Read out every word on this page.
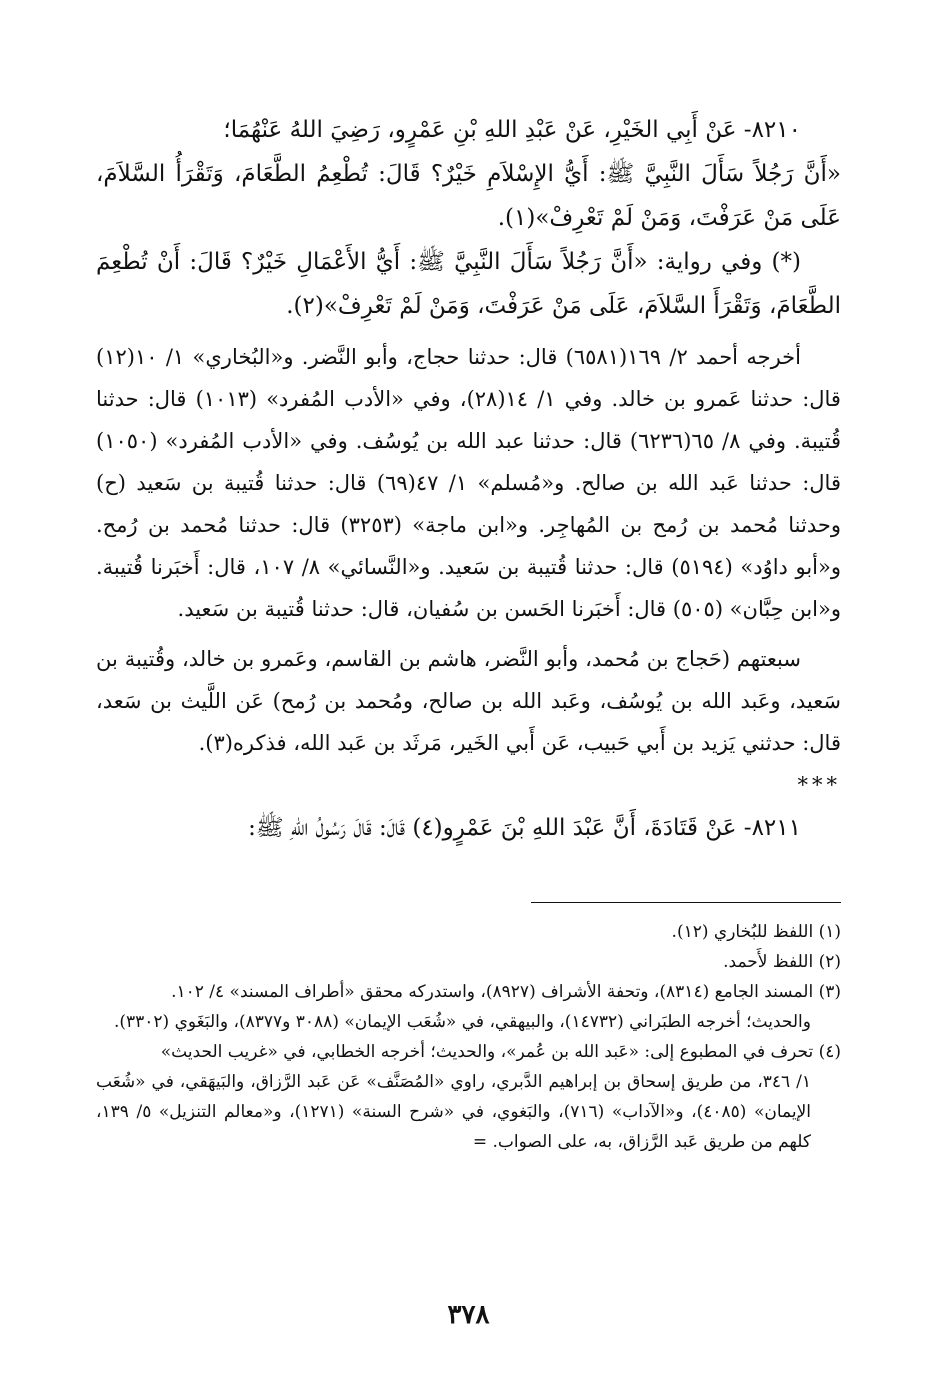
٨٢١٠- عَنْ أَبِي الخَيْرِ، عَنْ عَبْدِ اللهِ بْنِ عَمْرٍو، رَضِيَ اللهُ عَنْهُمَا؛

«أَنَّ رَجُلاً سَأَلَ النَّبِيَّ ﷺ: أَيُّ الإِسْلاَمِ خَيْرٌ؟ قَالَ: تُطْعِمُ الطَّعَامَ، وَتَقْرَأُ السَّلاَمَ، عَلَى مَنْ عَرَفْتَ، وَمَنْ لَمْ تَعْرِفْ»(١).

(*) وفي رواية: «أَنَّ رَجُلاً سَأَلَ النَّبِيَّ ﷺ: أَيُّ الأَعْمَالِ خَيْرٌ؟ قَالَ: أَنْ تُطْعِمَ الطَّعَامَ، وَتَقْرَأَ السَّلاَمَ، عَلَى مَنْ عَرَفْتَ، وَمَنْ لَمْ تَعْرِفْ»(٢).

أخرجه أحمد ٢/ ١٦٩(٦٥٨١) قال: حدثنا حجاج، وأبو النَّضر. و«البُخاري» ١/ ١٠(١٢) قال: حدثنا عَمرو بن خالد. وفي ١/ ١٤(٢٨)، وفي «الأدب المُفرد» (١٠١٣) قال: حدثنا قُتيبة. وفي ٨/ ٦٥(٦٢٣٦) قال: حدثنا عبد الله بن يُوسُف. وفي «الأدب المُفرد» (١٠٥٠) قال: حدثنا عَبد الله بن صالح. و«مُسلم» ١/ ٤٧(٦٩) قال: حدثنا قُتيبة بن سَعيد (ح) وحدثنا مُحمد بن رُمح بن المُهاجِر. و«ابن ماجة» (٣٢٥٣) قال: حدثنا مُحمد بن رُمح. و«أبو داوُد» (٥١٩٤) قال: حدثنا قُتيبة بن سَعيد. و«النَّسائي» ٨/ ١٠٧، قال: أَخبَرنا قُتيبة. و«ابن حِبَّان» (٥٠٥) قال: أَخبَرنا الحَسن بن سُفيان، قال: حدثنا قُتيبة بن سَعيد.

سبعتهم (حَجاج بن مُحمد، وأبو النَّضر، هاشم بن القاسم، وعَمرو بن خالد، وقُتيبة بن سَعيد، وعَبد الله بن يُوسُف، وعَبد الله بن صالح، ومُحمد بن رُمح) عَن اللَّيث بن سَعد، قال: حدثني يَزيد بن أَبي حَبيب، عَن أَبي الخَير، مَرثَد بن عَبد الله، فذكره(٣).

***

٨٢١١- عَنْ قَتَادَةَ، أَنَّ عَبْدَ اللهِ بْنَ عَمْرٍو(٤) قَالَ: قَالَ رَسُولُ اللهِ ﷺ:

(١) اللفظ للبُخاري (١٢).

(٢) اللفظ لأَحمد.

(٣) المسند الجامع (٨٣١٤)، وتحفة الأشراف (٨٩٢٧)، واستدركه محقق «أطراف المسند» ٤/ ١٠٢.

والحديث؛ أخرجه الطبَراني (١٤٧٣٢)، والبيهقي، في «شُعَب الإيمان» (٣٠٨٨ و٨٣٧٧)، والبَغَوي (٣٣٠٢).

(٤) تحرف في المطبوع إلى: «عَبد الله بن عُمر»، والحديث؛ أخرجه الخطابي، في «غريب الحديث»

١/ ٣٤٦، من طريق إسحاق بن إبراهيم الدَّبري، راوي «المُصَنَّف» عَن عَبد الرَّزاق، والبَيهَقي، في «شُعَب الإيمان» (٤٠٨٥)، و«الآداب» (٧١٦)، والبَغوي، في «شرح السنة» (١٢٧١)، و«معالم التنزيل» ٥/ ١٣٩، كلهم من طريق عَبد الرَّزاق، به، على الصواب. =

٣٧٨
